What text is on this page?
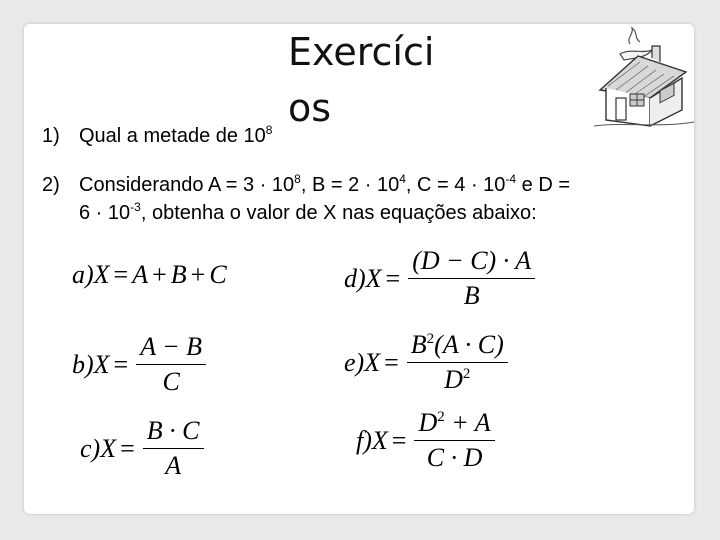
Exercícios
1) Qual a metade de $10^8$
2) Considerando $A = 3 \cdot 10^8$, $B = 2 \cdot 10^4$, $C = 4 \cdot 10^{-4}$ e D =
$6 \cdot 10^{-3}$, obtenha o valor de X nas equações abaixo:
a)X = A + B + C
$b)X = \frac{A - B}{C}$
$c)X = \frac{B \cdot C}{A}$
$d)X = \frac{(D - C) \cdot A}{B}$
$e)X = \frac{B^2(A \cdot C)}{D^2}$
$f)X = \frac{D^2 + A}{C \cdot D}$
